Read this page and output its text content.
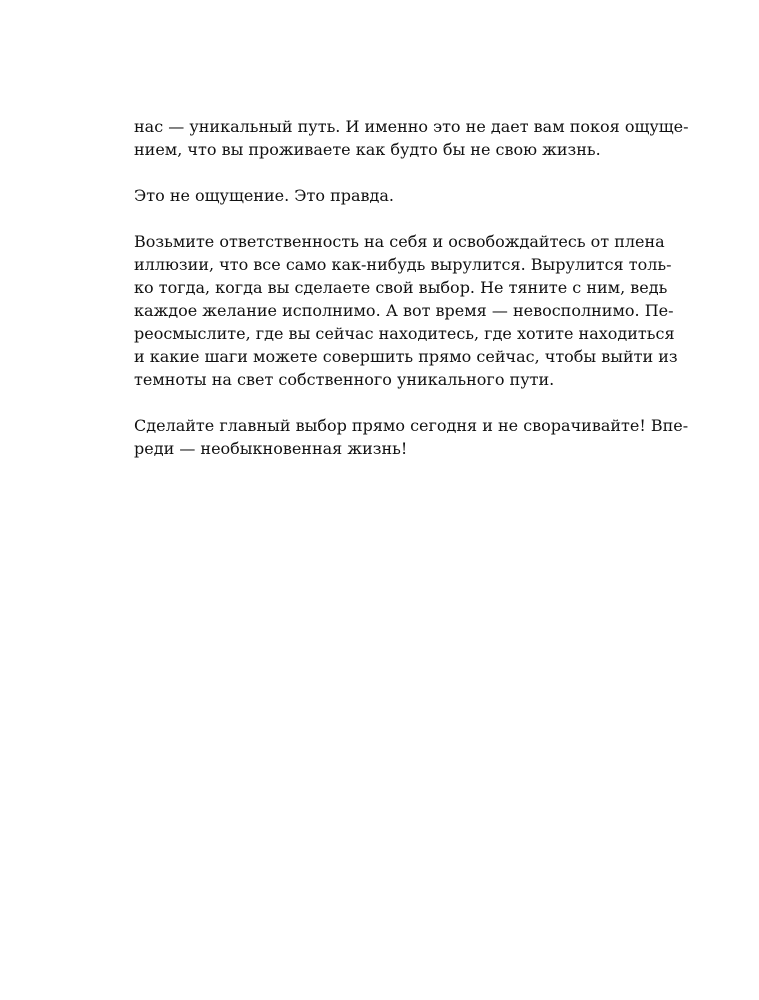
нас — уникальный путь. И именно это не дает вам покоя ощуще-
нием, что вы проживаете как будто бы не свою жизнь.

Это не ощущение. Это правда.

Возьмите ответственность на себя и освобождайтесь от плена
иллюзии, что все само как-нибудь вырулится. Вырулится толь-
ко тогда, когда вы сделаете свой выбор. Не тяните с ним, ведь
каждое желание исполнимо. А вот время — невосполнимо. Пе-
реосмыслите, где вы сейчас находитесь, где хотите находиться
и какие шаги можете совершить прямо сейчас, чтобы выйти из
темноты на свет собственного уникального пути.

Сделайте главный выбор прямо сегодня и не сворачивайте! Впе-
реди — необыкновенная жизнь!
